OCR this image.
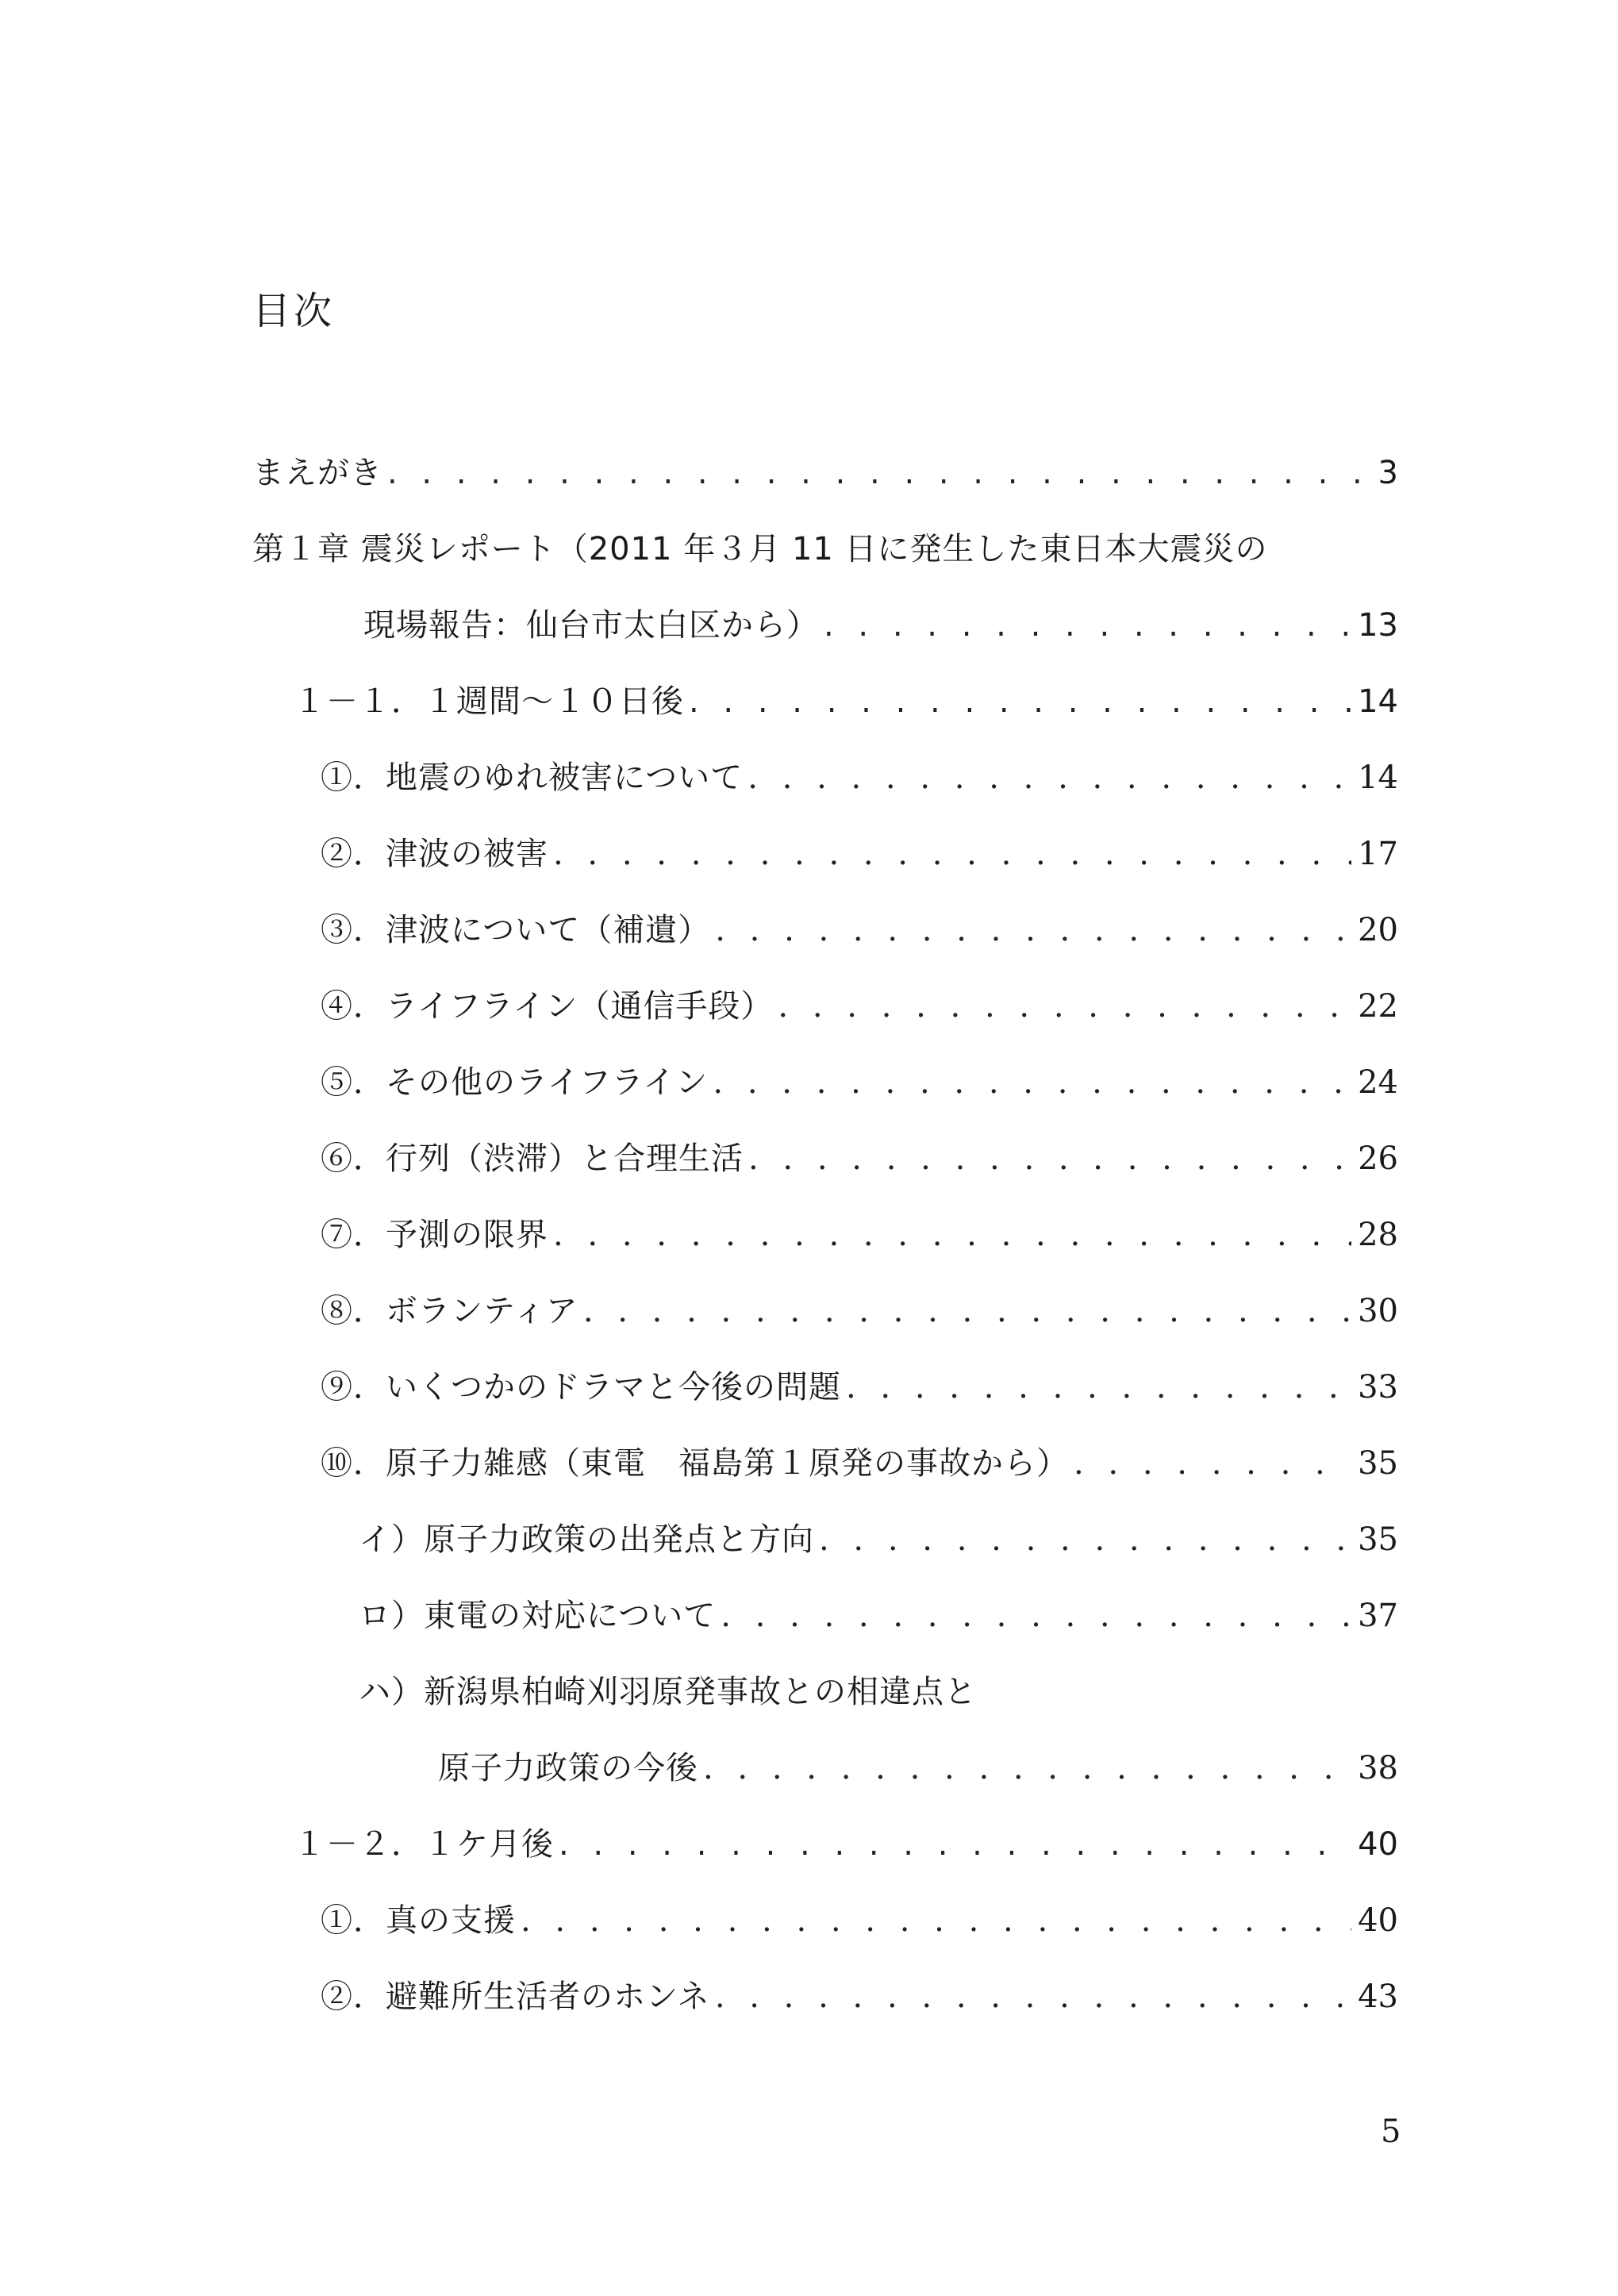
目次
まえがき . . .	3
第１章 震災レポート（2011 年３月 11 日に発生した東日本大震災の
現場報告：仙台市太白区から） . . .	13
１－１．１週間～１０日後 . . .	14
①．地震のゆれ被害について . . .	14
②．津波の被害 . . .	17
③．津波について（補遺） . . .	20
④．ライフライン（通信手段） . . .	22
⑤．その他のライフライン . . .	24
⑥．行列（渋滞）と合理生活 . . .	26
⑦．予測の限界 . . .	28
⑧．ボランティア . . .	30
⑨．いくつかのドラマと今後の問題 . . .	33
⑩．原子力雑感（東電　福島第１原発の事故から） . . .	35
イ）原子力政策の出発点と方向 . . .	35
ロ）東電の対応について . . .	37
ハ）新潟県柏崎刈羽原発事故との相違点と
原子力政策の今後 . . .	38
１－２．１ケ月後 . . .	40
①．真の支援 . . .	40
②．避難所生活者のホンネ . . .	43
5
